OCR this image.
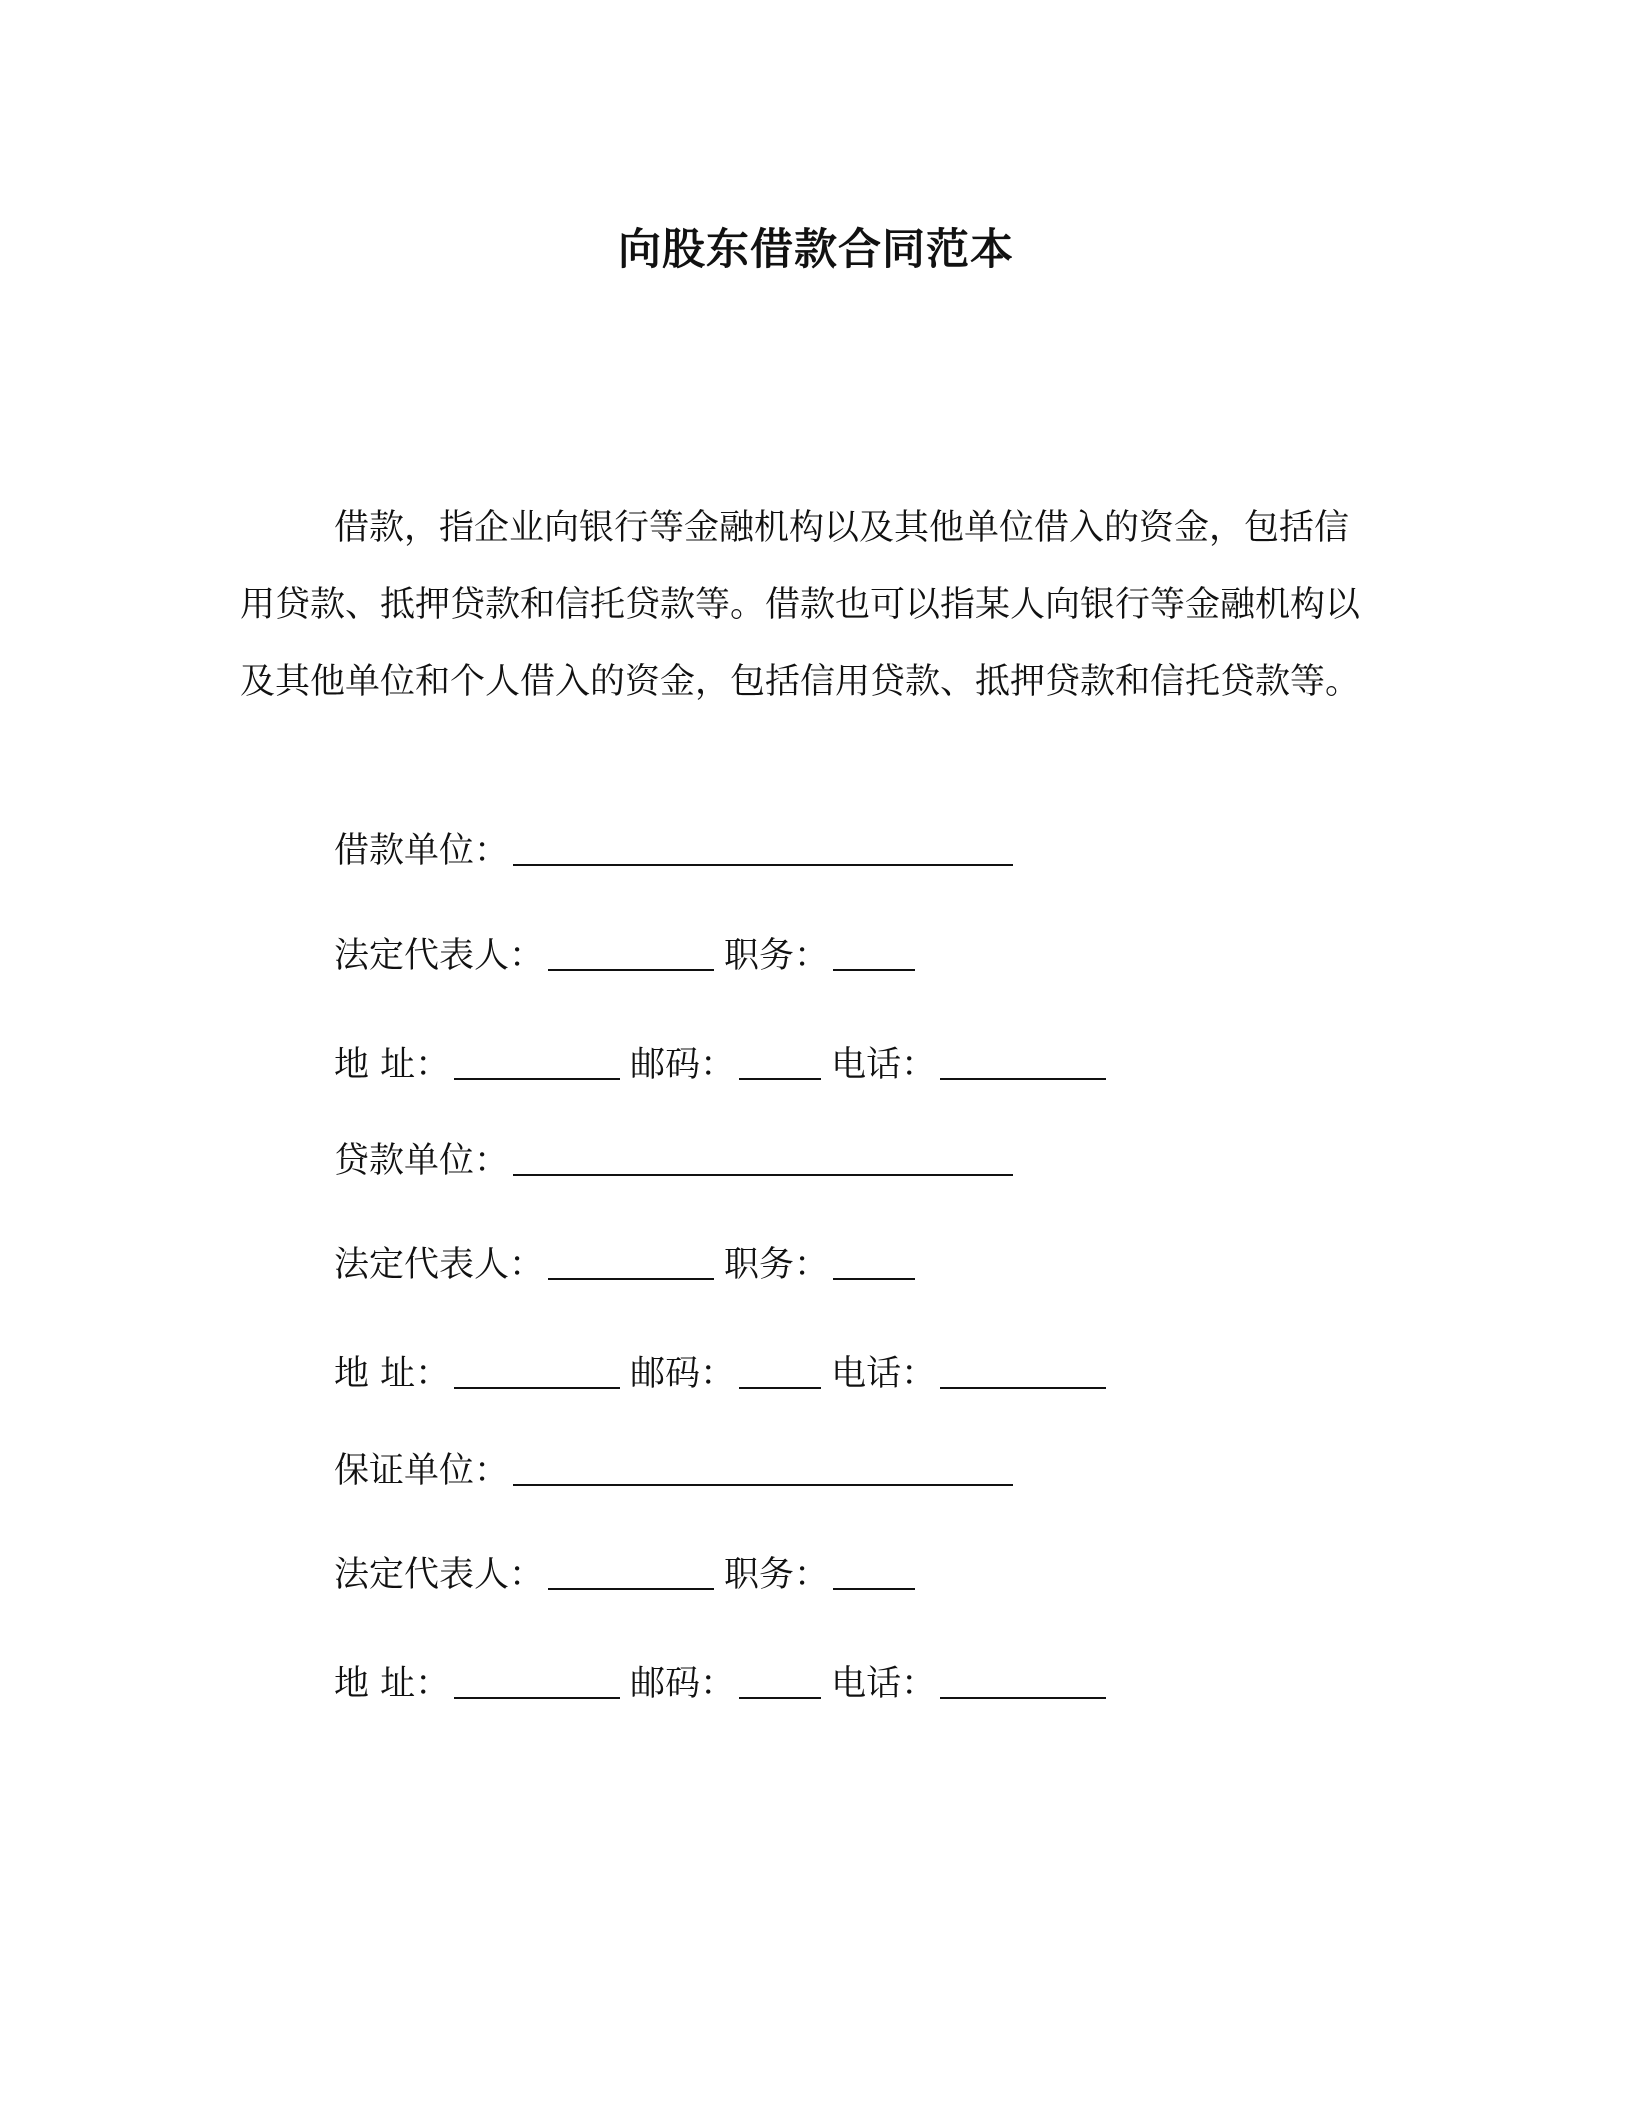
向股东借款合同范本

借款，指企业向银行等金融机构以及其他单位借入的资金，包括信用贷款、抵押贷款和信托贷款等。借款也可以指某人向银行等金融机构以及其他单位和个人借入的资金，包括信用贷款、抵押贷款和信托贷款等。

借款单位：
法定代表人：	职务：
地 址：	邮码：	电话：
贷款单位：
法定代表人：	职务：
地 址：	邮码：	电话：
保证单位：
法定代表人：	职务：
地 址：	邮码：	电话：
